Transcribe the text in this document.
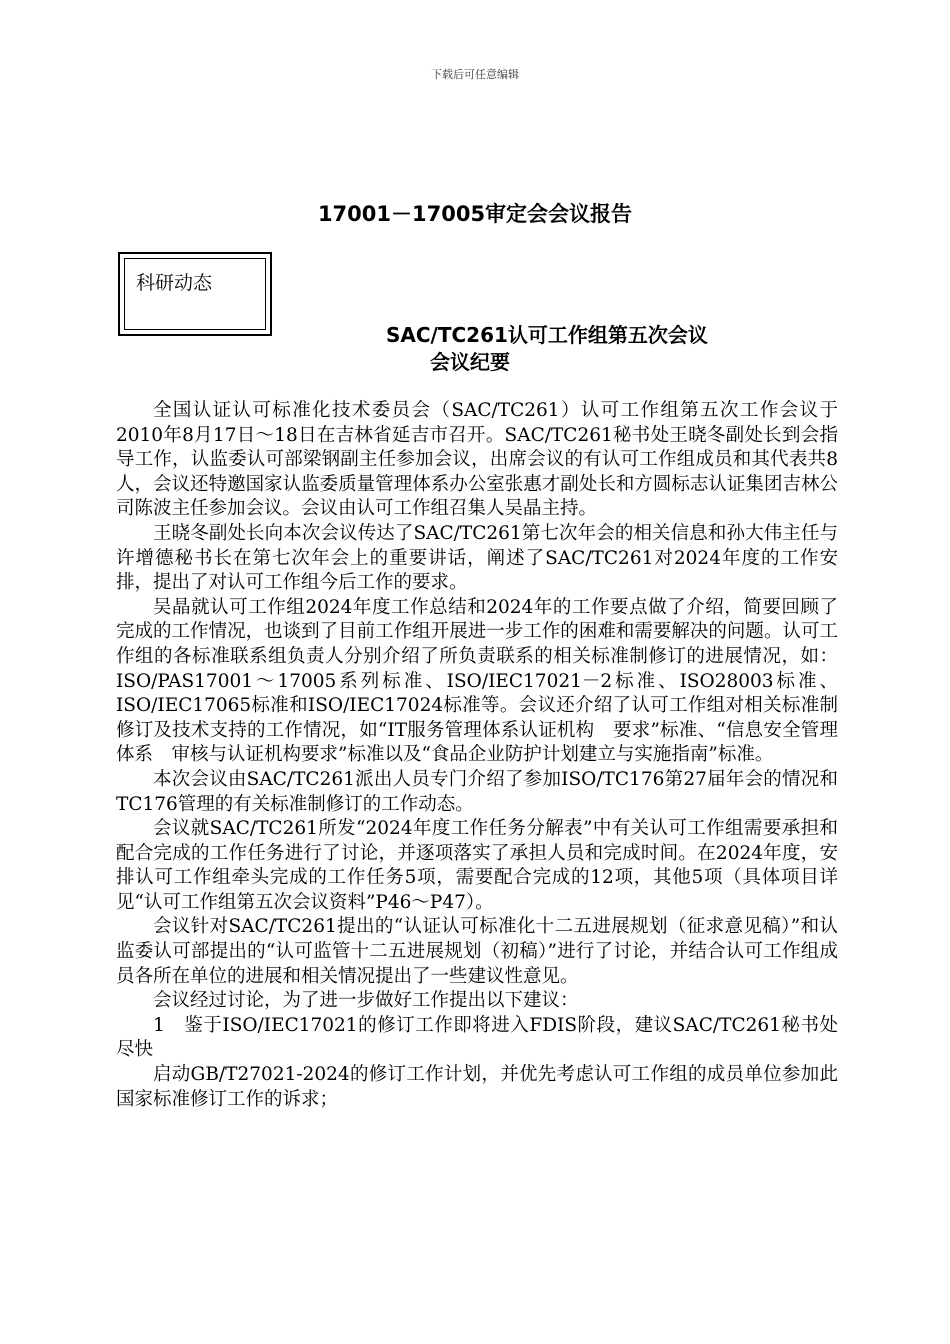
下载后可任意编辑
17001－17005审定会会议报告
科研动态
SAC/TC261认可工作组第五次会议
会议纪要

全国认证认可标准化技术委员会（SAC/TC261）认可工作组第五次工作会议于2010年8月17日～18日在吉林省延吉市召开。SAC/TC261秘书处王晓冬副处长到会指导工作，认监委认可部梁钢副主任参加会议，出席会议的有认可工作组成员和其代表共8人，会议还特邀国家认监委质量管理体系办公室张惠才副处长和方圆标志认证集团吉林公司陈波主任参加会议。会议由认可工作组召集人吴晶主持。

王晓冬副处长向本次会议传达了SAC/TC261第七次年会的相关信息和孙大伟主任与许增德秘书长在第七次年会上的重要讲话，阐述了SAC/TC261对2024年度的工作安排，提出了对认可工作组今后工作的要求。

吴晶就认可工作组2024年度工作总结和2024年的工作要点做了介绍，简要回顾了完成的工作情况，也谈到了目前工作组开展进一步工作的困难和需要解决的问题。认可工作组的各标准联系组负责人分别介绍了所负责联系的相关标准制修订的进展情况，如：ISO/PAS17001～17005系列标准、ISO/IEC17021－2标准、ISO28003标准、ISO/IEC17065标准和ISO/IEC17024标准等。会议还介绍了认可工作组对相关标准制修订及技术支持的工作情况，如“IT服务管理体系认证机构　要求”标准、“信息安全管理体系　审核与认证机构要求”标准以及“食品企业防护计划建立与实施指南”标准。

本次会议由SAC/TC261派出人员专门介绍了参加ISO/TC176第27届年会的情况和TC176管理的有关标准制修订的工作动态。

会议就SAC/TC261所发“2024年度工作任务分解表”中有关认可工作组需要承担和配合完成的工作任务进行了讨论，并逐项落实了承担人员和完成时间。在2024年度，安排认可工作组牵头完成的工作任务5项，需要配合完成的12项，其他5项（具体项目详见“认可工作组第五次会议资料”P46～P47）。

会议针对SAC/TC261提出的“认证认可标准化十二五进展规划（征求意见稿）”和认监委认可部提出的“认可监管十二五进展规划（初稿）”进行了讨论，并结合认可工作组成员各所在单位的进展和相关情况提出了一些建议性意见。

会议经过讨论，为了进一步做好工作提出以下建议：

1　鉴于ISO/IEC17021的修订工作即将进入FDIS阶段，建议SAC/TC261秘书处尽快

启动GB/T27021-2024的修订工作计划，并优先考虑认可工作组的成员单位参加此国家标准修订工作的诉求；
